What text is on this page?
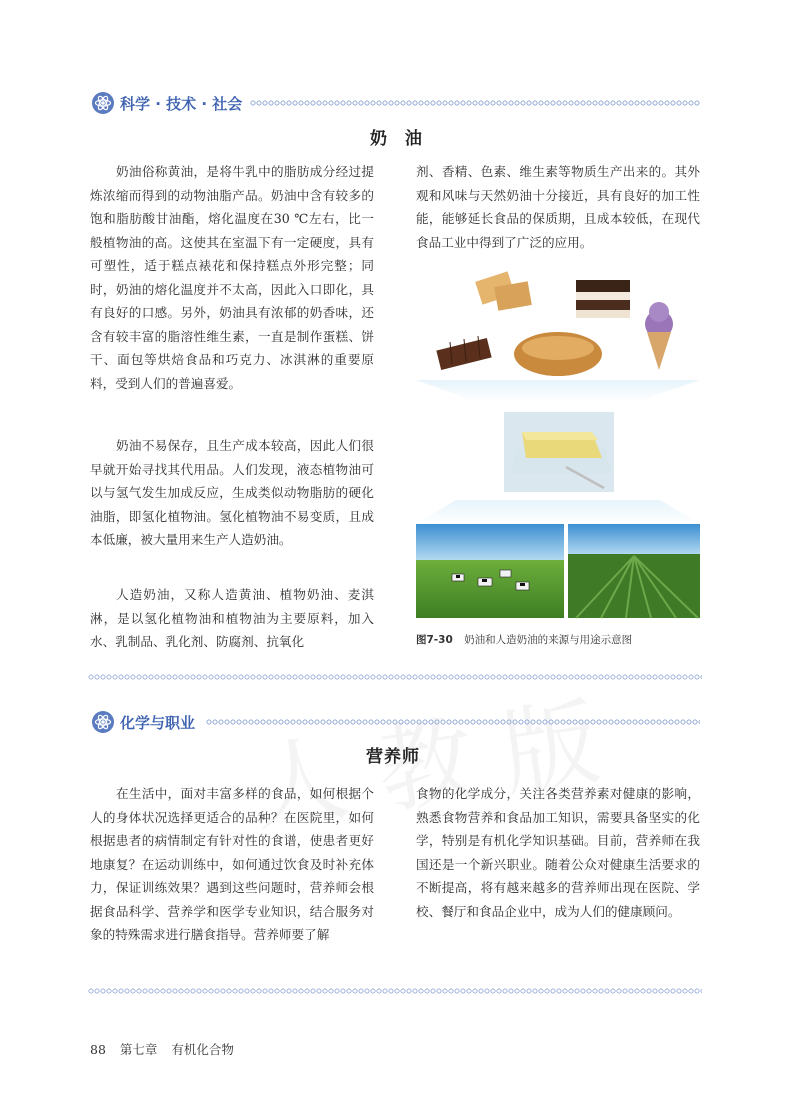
科学 · 技术 · 社会
奶 油

奶油俗称黄油，是将牛乳中的脂肪成分经过提炼浓缩而得到的动物油脂产品。奶油中含有较多的饱和脂肪酸甘油酯，熔化温度在30 ℃左右，比一般植物油的高。这使其在室温下有一定硬度，具有可塑性，适于糕点裱花和保持糕点外形完整；同时，奶油的熔化温度并不太高，因此入口即化，具有良好的口感。另外，奶油具有浓郁的奶香味，还含有较丰富的脂溶性维生素，一直是制作蛋糕、饼干、面包等烘焙食品和巧克力、冰淇淋的重要原料，受到人们的普遍喜爱。

奶油不易保存，且生产成本较高，因此人们很早就开始寻找其代用品。人们发现，液态植物油可以与氢气发生加成反应，生成类似动物脂肪的硬化油脂，即氢化植物油。氢化植物油不易变质，且成本低廉，被大量用来生产人造奶油。

人造奶油，又称人造黄油、植物奶油、麦淇淋，是以氢化植物油和植物油为主要原料，加入水、乳制品、乳化剂、防腐剂、抗氧化

剂、香精、色素、维生素等物质生产出来的。其外观和风味与天然奶油十分接近，具有良好的加工性能，能够延长食品的保质期，且成本较低，在现代食品工业中得到了广泛的应用。

图7-30 奶油和人造奶油的来源与用途示意图
化学与职业
营养师

在生活中，面对丰富多样的食品，如何根据个人的身体状况选择更适合的品种？在医院里，如何根据患者的病情制定有针对性的食谱，使患者更好地康复？在运动训练中，如何通过饮食及时补充体力，保证训练效果？遇到这些问题时，营养师会根据食品科学、营养学和医学专业知识，结合服务对象的特殊需求进行膳食指导。营养师要了解

食物的化学成分，关注各类营养素对健康的影响，熟悉食物营养和食品加工知识，需要具备坚实的化学，特别是有机化学知识基础。目前，营养师在我国还是一个新兴职业。随着公众对健康生活要求的不断提高，将有越来越多的营养师出现在医院、学校、餐厅和食品企业中，成为人们的健康顾问。

88 第七章 有机化合物
